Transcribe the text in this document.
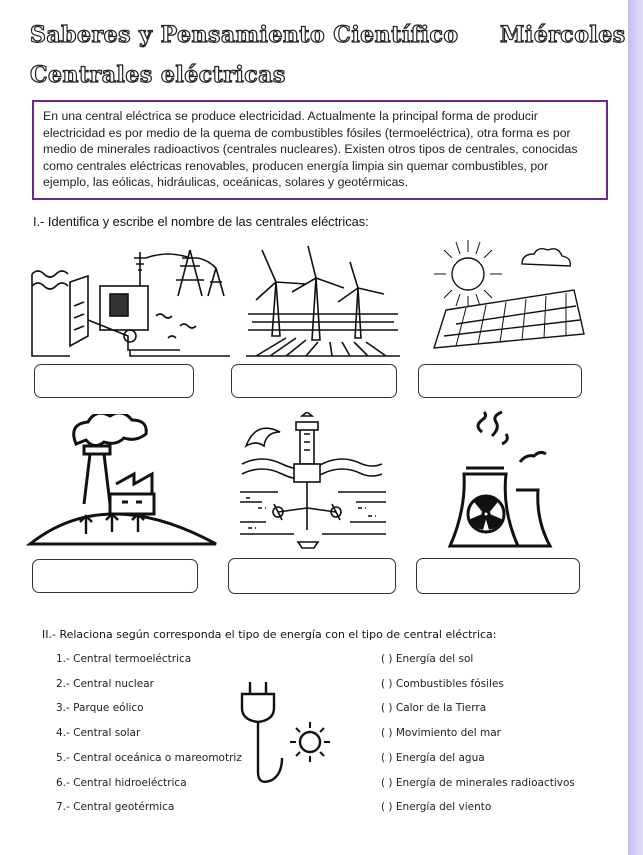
Saberes y Pensamiento Científico Miércoles
Centrales eléctricas
En una central eléctrica se produce electricidad. Actualmente la principal forma de producir electricidad es por medio de la quema de combustibles fósiles (termoeléctrica), otra forma es por medio de minerales radioactivos (centrales nucleares). Existen otros tipos de centrales, conocidas como centrales eléctricas renovables, producen energía limpia sin quemar combustibles, por ejemplo, las eólicas, hidráulicas, oceánicas, solares y geotérmicas.
I.- Identifica y escribe el nombre de las centrales eléctricas:
II.- Relaciona según corresponda el tipo de energía con el tipo de central eléctrica:
1.- Central termoeléctrica
2.- Central nuclear
3.- Parque eólico
4.- Central solar
5.- Central oceánica o mareomotriz
6.- Central hidroeléctrica
7.- Central geotérmica
( ) Energía del sol
( ) Combustibles fósiles
( ) Calor de la Tierra
( ) Movimiento del mar
( ) Energía del agua
( ) Energía de minerales radioactivos
( ) Energía del viento
